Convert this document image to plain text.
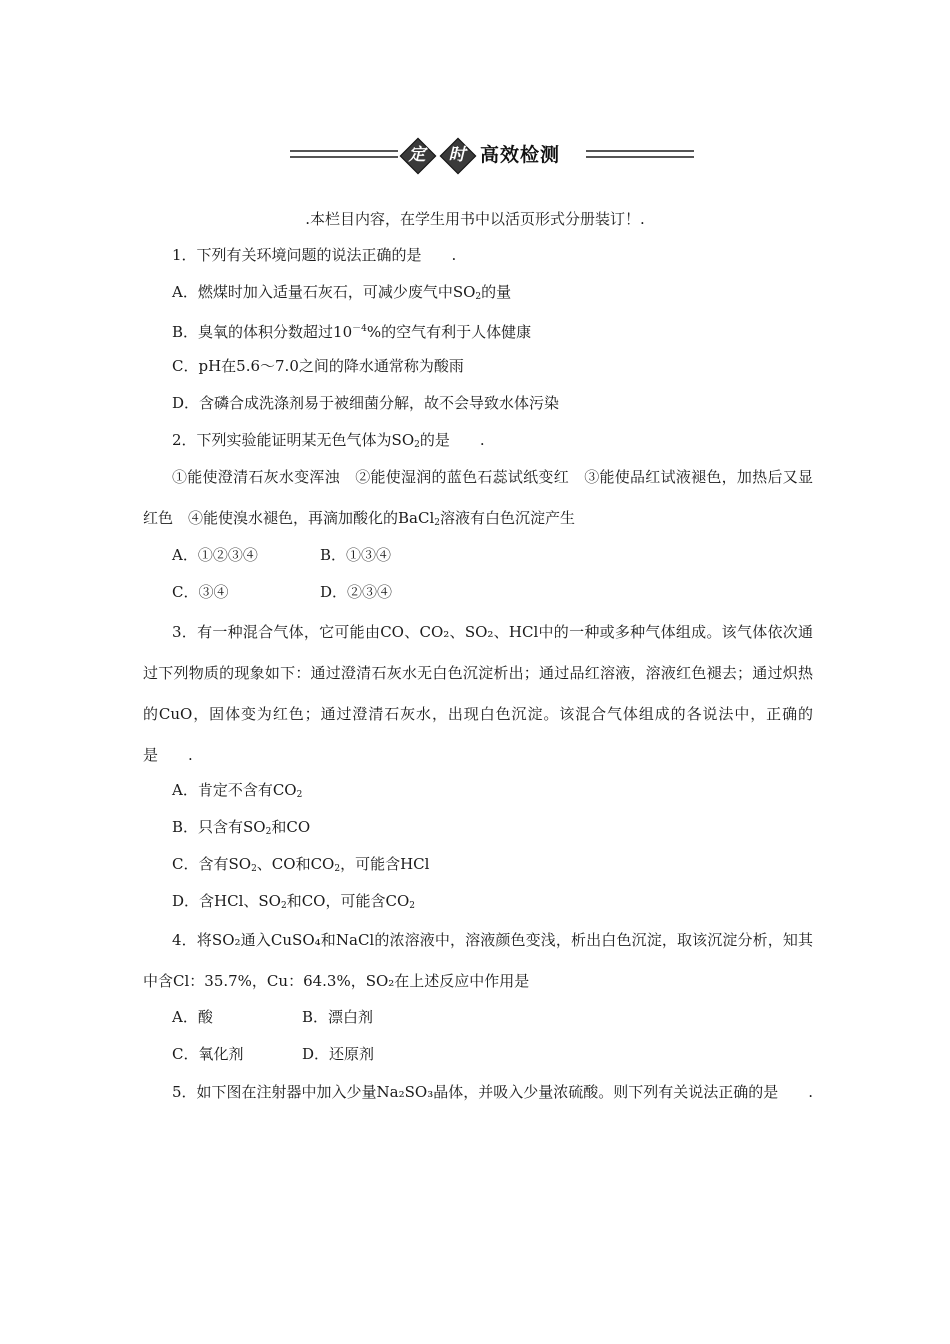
定	时 高效检测
.本栏目内容，在学生用书中以活页形式分册装订！.
1．下列有关环境问题的说法正确的是　　.
A．燃煤时加入适量石灰石，可减少废气中$SO_2$的量
B．臭氧的体积分数超过$10^{-4}\%$的空气有利于人体健康
C．pH在5.6～7.0之间的降水通常称为酸雨
D．含磷合成洗涤剂易于被细菌分解，故不会导致水体污染
2．下列实验能证明某无色气体为$SO_2$的是　　.
①能使澄清石灰水变浑浊　②能使湿润的蓝色石蕊试纸变红　③能使品红试液褪色，加热后又显红色　④能使溴水褪色，再滴加酸化的BaCl$_2$溶液有白色沉淀产生
A．①②③④	B．①③④
C．③④	D．②③④
3．有一种混合气体，它可能由CO、CO₂、SO₂、HCl中的一种或多种气体组成。该气体依次通过下列物质的现象如下：通过澄清石灰水无白色沉淀析出；通过品红溶液，溶液红色褪去；通过炽热的CuO，固体变为红色；通过澄清石灰水，出现白色沉淀。该混合气体组成的各说法中，正确的是　　.
A．肯定不含有$CO_2$
B．只含有$SO_2$和CO
C．含有$SO_2$、CO和$CO_2$，可能含HCl
D．含HCl、$SO_2$和CO，可能含$CO_2$
4．将SO₂通入CuSO₄和NaCl的浓溶液中，溶液颜色变浅，析出白色沉淀，取该沉淀分析，知其中含Cl：35.7%，Cu：64.3%，SO₂在上述反应中作用是
A．酸	B．漂白剂
C．氧化剂	D．还原剂
5．如下图在注射器中加入少量Na₂SO₃晶体，并吸入少量浓硫酸。则下列有关说法正确的是　　.
